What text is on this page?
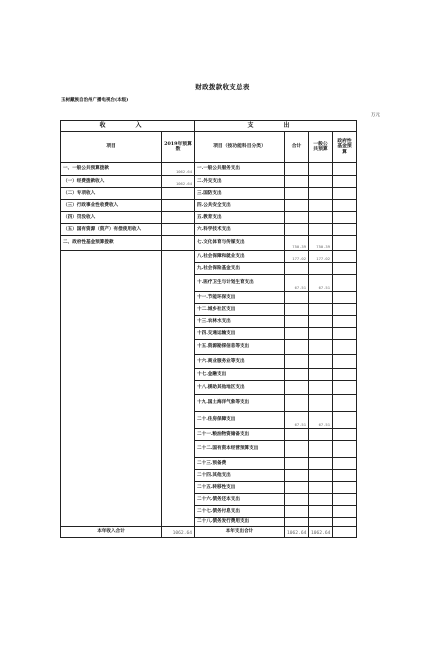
财政拨款收支总表
玉树藏族自治州广播电视台(本级)
万元
收 入		支 出			
项目	2019年预算数	项目（按功能科目分类）	合计	一般公共预算	政府性基金预算
一、一般公共预算拨款	1062.64	一.一般公共服务支出			
（一）经费拨款收入	1062.64	二.外交支出			
（二）专项收入		三.国防支出			
（三）行政事业性收费收入		四.公共安全支出			
（四）罚没收入		五.教育支出			
（五）国有资源（资产）有偿使用收入		六.科学技术支出			
二、政府性基金预算拨款		七.文化体育与传媒支出	750.39	750.39	
		八.社会保障和就业支出	177.02	177.02	
		九.社会保险基金支出			
		十.医疗卫生与计划生育支出	67.51	67.51	
		十一.节能环保支出			
		十二.城乡社区支出			
		十三.农林水支出			
		十四.交通运输支出			
		十五.资源勘探信息等支出			
		十六.商业服务业等支出			
		十七.金融支出			
		十八.援助其他地区支出			
		十九.国土海洋气象等支出			
		二十.住房保障支出	67.51	67.51	
		二十一.粮油物资储备支出			
		二十二.国有资本经营预算支出			
		二十三.预备费			
		二十四.其他支出			
		二十五.转移性支出			
		二十六.债务还本支出			
		二十七.债务付息支出			
		二十八.债务发行费用支出			
本年收入合计	1062.64	本年支出合计	1062.64	1062.64	
